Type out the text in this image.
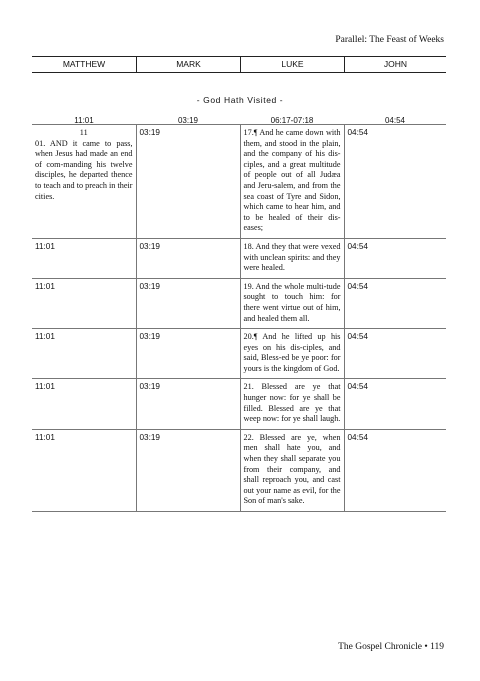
Parallel: The Feast of Weeks
MATTHEW	MARK	LUKE	JOHN
- God Hath Visited -
11:01	03:19	06:17-07:18	04:54
11
01. AND it came to pass, when Jesus had made an end of com-manding his twelve disciples, he departed thence to teach and to preach in their cities.	03:19	17.¶ And he came down with them, and stood in the plain, and the company of his dis-ciples, and a great multitude of people out of all Judæa and Jeru-salem, and from the sea coast of Tyre and Sidon, which came to hear him, and to be healed of their dis-eases;	04:54
11:01	03:19	18. And they that were vexed with unclean spirits: and they were healed.	04:54
11:01	03:19	19. And the whole multi-tude sought to touch him: for there went virtue out of him, and healed them all.	04:54
11:01	03:19	20.¶ And he lifted up his eyes on his dis-ciples, and said, Bless-ed be ye poor: for yours is the kingdom of God.	04:54
11:01	03:19	21. Blessed are ye that hunger now: for ye shall be filled. Blessed are ye that weep now: for ye shall laugh.	04:54
11:01	03:19	22. Blessed are ye, when men shall hate you, and when they shall separate you from their company, and shall reproach you, and cast out your name as evil, for the Son of man's sake.	04:54
The Gospel Chronicle • 119
